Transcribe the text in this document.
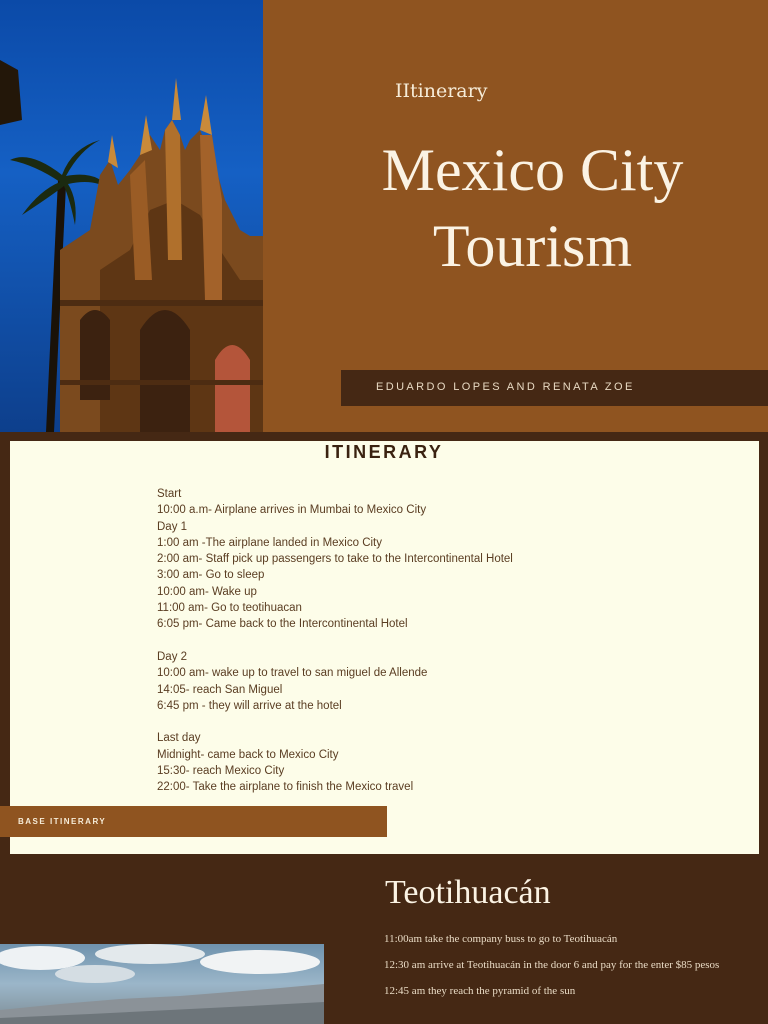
IItinerary
Mexico City
Tourism
EDUARDO LOPES AND RENATA ZOE
ITINERARY
Start
10:00 a.m- Airplane arrives in Mumbai to Mexico City
Day 1
1:00 am -The airplane landed in Mexico City
2:00 am- Staff pick up passengers to take to the Intercontinental Hotel
3:00 am- Go to sleep
10:00 am- Wake up
11:00 am- Go to teotihuacan
6:05 pm- Came back to the Intercontinental Hotel
Day 2
10:00 am- wake up to travel to san miguel de Allende
14:05- reach San Miguel
6:45 pm - they will arrive at the hotel
Last day
Midnight- came back to Mexico City
15:30- reach Mexico City
22:00- Take the airplane to finish the Mexico travel
BASE ITINERARY
Teotihuacán

11:00am take the company buss to go to Teotihuacán

12:30 am arrive at Teotihuacán in the door 6 and pay for the enter $85 pesos

12:45 am they reach the pyramid of the sun
